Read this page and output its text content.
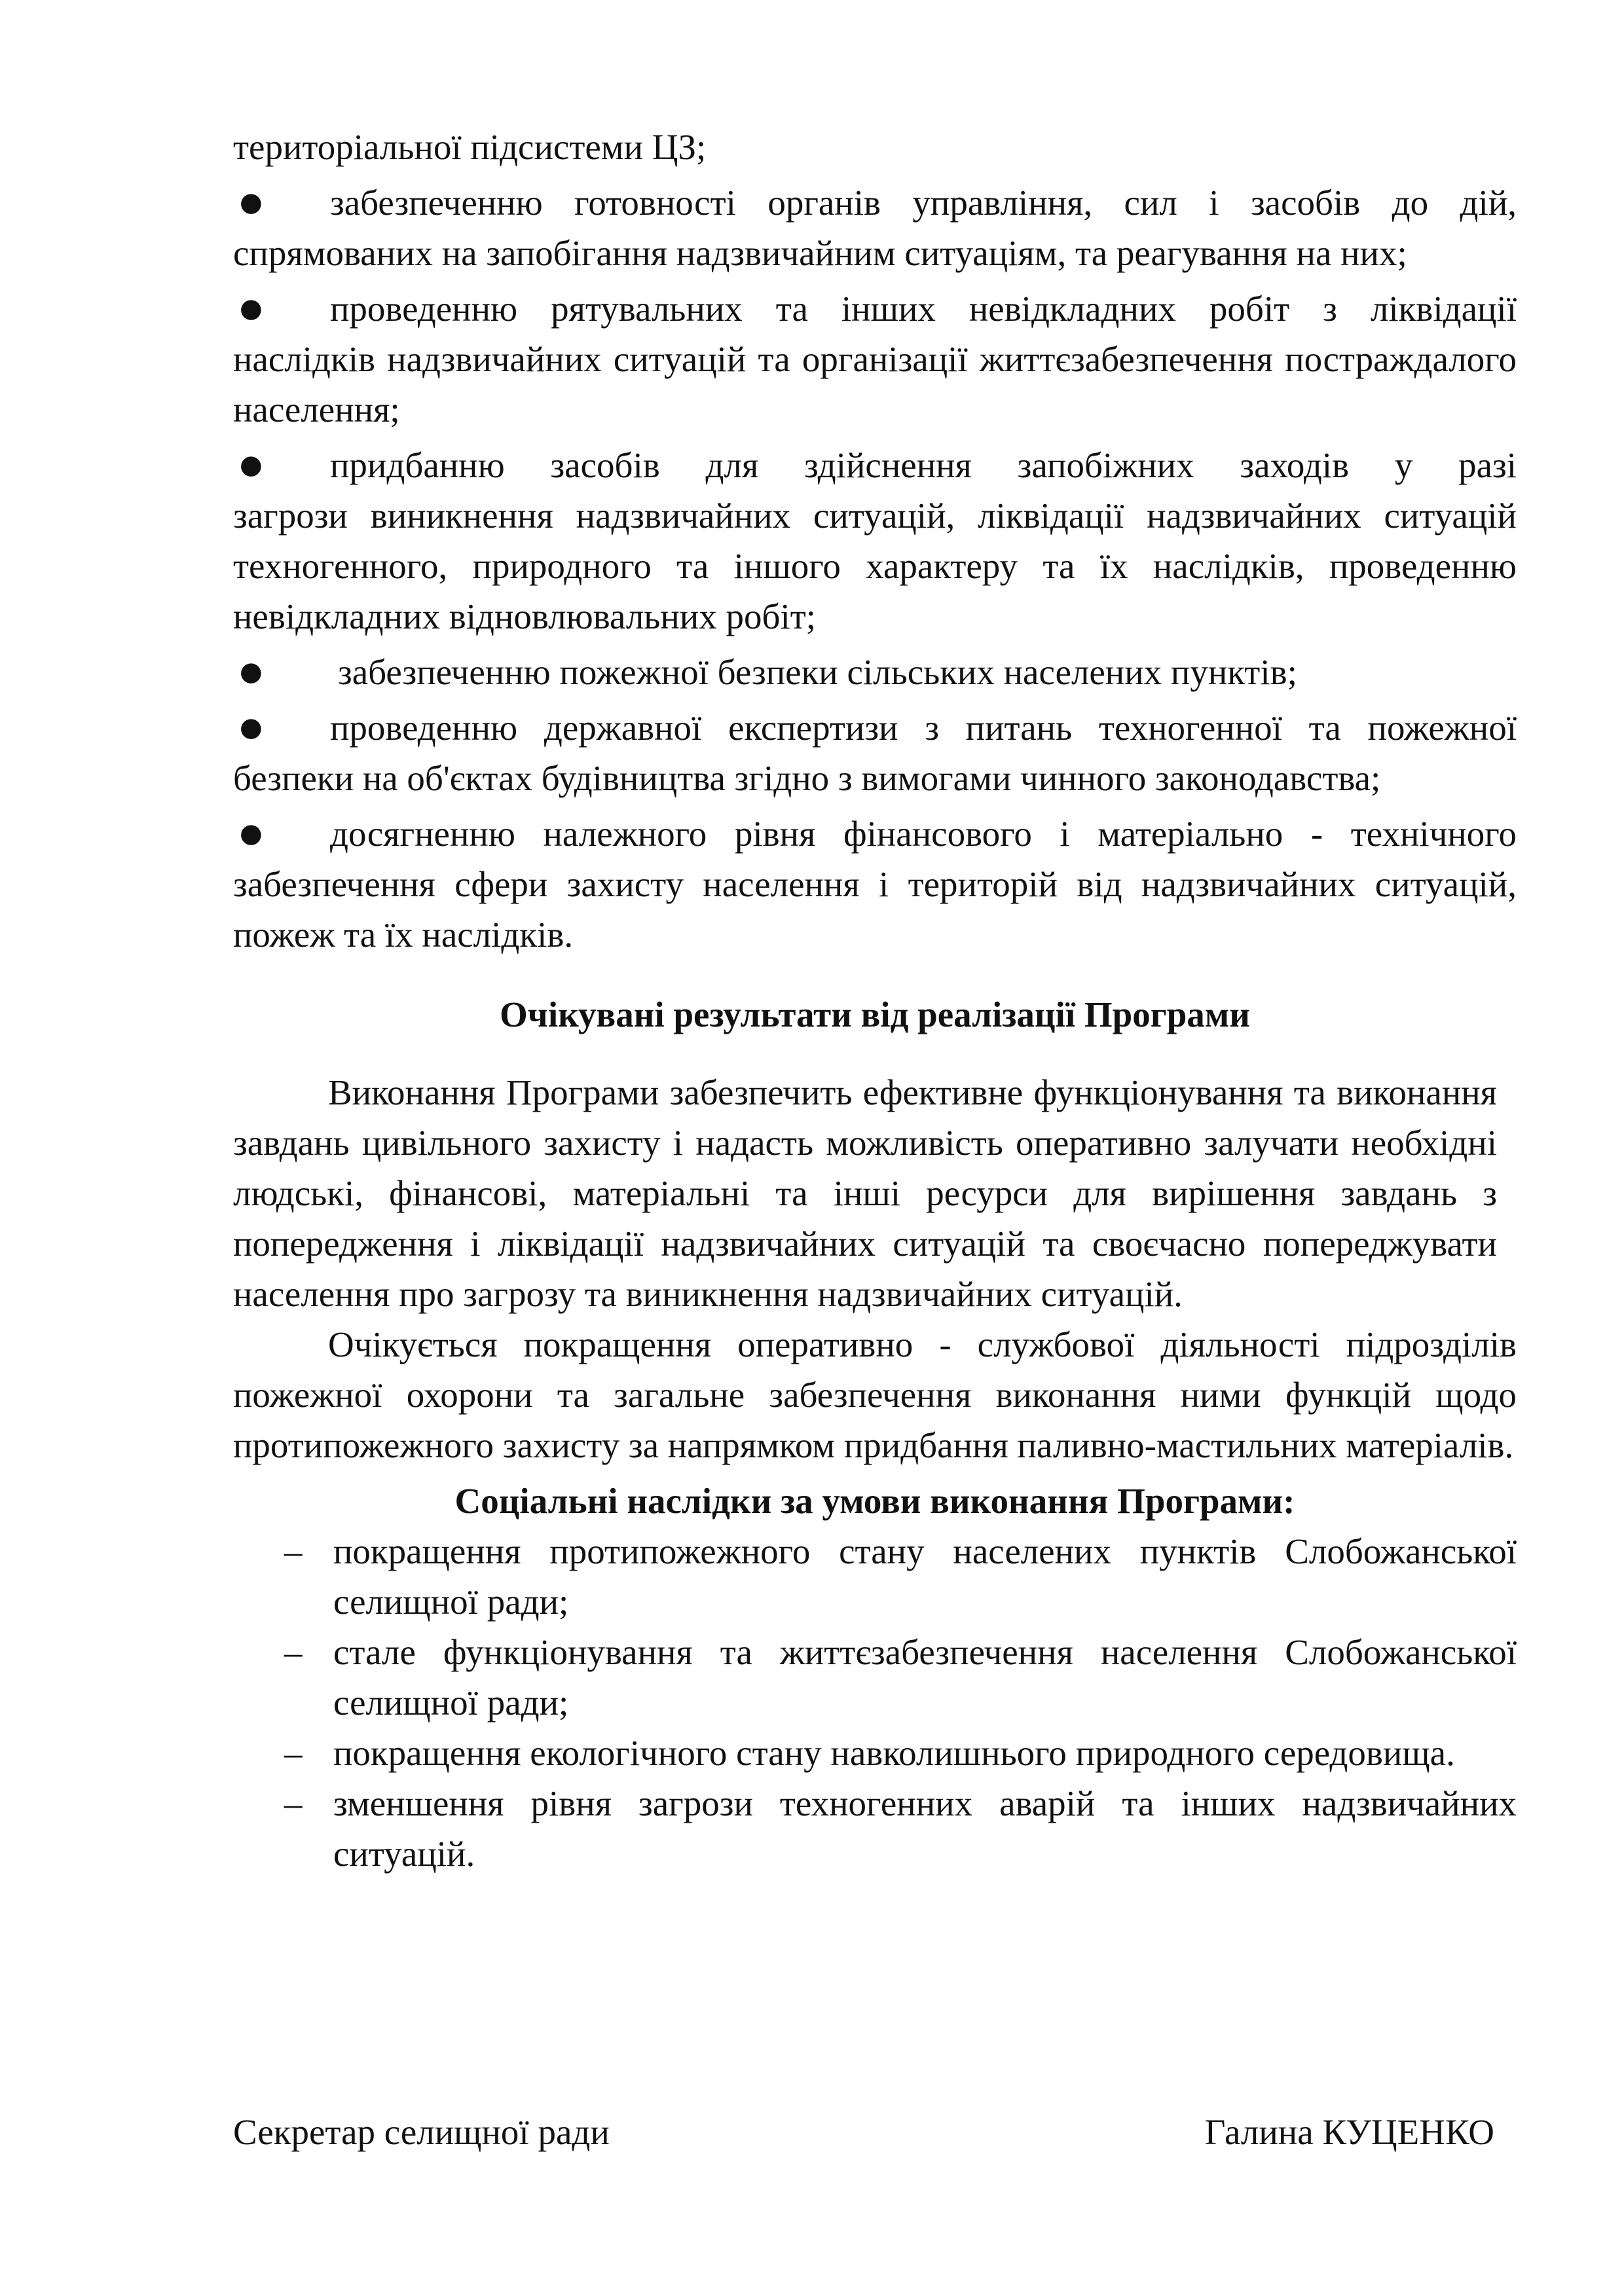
територіальної підсистеми ЦЗ;

●	забезпеченню готовності органів управління, сил і засобів до дій,
спрямованих на запобігання надзвичайним ситуаціям, та реагування на них;
●	проведенню рятувальних та інших невідкладних робіт з ліквідації
наслідків надзвичайних ситуацій та організації життєзабезпечення постраждалого населення;
●	придбанню засобів для здійснення запобіжних заходів у разі
загрози виникнення надзвичайних ситуацій, ліквідації надзвичайних ситуацій техногенного, природного та іншого характеру та їх наслідків, проведенню невідкладних відновлювальних робіт;
●	забезпеченню пожежної безпеки сільських населених пунктів;
●	проведенню державної експертизи з питань техногенної та пожежної
безпеки на об'єктах будівництва згідно з вимогами чинного законодавства;
●	досягненню належного рівня фінансового і матеріально - технічного
забезпечення сфери захисту населення і територій від надзвичайних ситуацій, пожеж та їх наслідків.
Очікувані результати від реалізації Програми

Виконання Програми забезпечить ефективне функціонування та виконання завдань цивільного захисту і надасть можливість оперативно залучати необхідні людські, фінансові, матеріальні та інші ресурси для вирішення завдань з попередження і ліквідації надзвичайних ситуацій та своєчасно попереджувати населення про загрозу та виникнення надзвичайних ситуацій.

Очікується покращення оперативно - службової діяльності підрозділів пожежної охорони та загальне забезпечення виконання ними функцій щодо протипожежного захисту за напрямком придбання паливно-мастильних матеріалів.

Соціальні наслідки за умови виконання Програми:
– покращення протипожежного стану населених пунктів Слобожанської селищної ради;
– стале функціонування та життєзабезпечення населення Слобожанської селищної ради;
– покращення екологічного стану навколишнього природного середовища.
– зменшення рівня загрози техногенних аварій та інших надзвичайних ситуацій.
Секретар селищної ради	Галина КУЦЕНКО
